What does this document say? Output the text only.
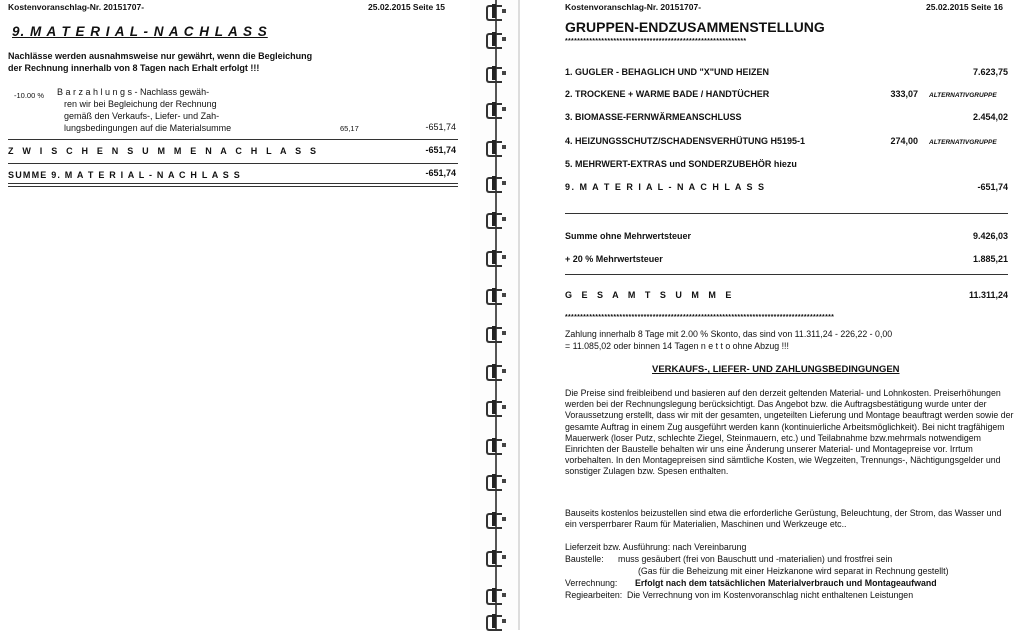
Kostenvoranschlag-Nr. 20151707-	25.02.2015 Seite 15
9. M A T E R I A L - N A C H L A S S
Nachlässe werden ausnahmsweise nur gewährt, wenn die Begleichung
der Rechnung innerhalb von 8 Tagen nach Erhalt erfolgt !!!
-10.00 % B a r z a h l u n g s - Nachlass gewäh-
ren wir bei Begleichung der Rechnung
gemäß den Verkaufs-, Liefer- und Zah-
lungsbedingungen auf die Materialsumme	65,17	-651,74
Z W I S C H E N S U M M E N A C H L A S S	-651,74
SUMME 9. M A T E R I A L - N A C H L A S S	-651,74
Kostenvoranschlag-Nr. 20151707-	25.02.2015 Seite 16
GRUPPEN-ENDZUSAMMENSTELLUNG
************************************************************
1. GUGLER - BEHAGLICH UND "X"UND HEIZEN	7.623,75
2. TROCKENE + WARME BADE / HANDTÜCHER	333,07 ALTERNATIVGRUPPE
3. BIOMASSE-FERNWÄRMEANSCHLUSS	2.454,02
4. HEIZUNGSSCHUTZ/SCHADENSVERHÜTUNG H5195-1	274,00 ALTERNATIVGRUPPE
5. MEHRWERT-EXTRAS und SONDERZUBEHÖR hiezu
9. M A T E R I A L - N A C H L A S S	-651,74
Summe ohne Mehrwertsteuer	9.426,03
+ 20 % Mehrwertsteuer	1.885,21
G E S A M T S U M M E	11.311,24
*****************************************************************************************
Zahlung innerhalb 8 Tage mit 2.00 % Skonto, das sind von 11.311,24 - 226,22 - 0,00
= 11.085,02 oder binnen 14 Tagen n e t t o ohne Abzug !!!
VERKAUFS-, LIEFER- UND ZAHLUNGSBEDINGUNGEN
Die Preise sind freibleibend und basieren auf den derzeit geltenden Material- und Lohnkosten. Preiserhöhungen werden bei der Rechnungslegung berücksichtigt. Das Angebot bzw. die Auftragsbestätigung wurde unter der Voraussetzung erstellt, dass wir mit der gesamten, ungeteilten Lieferung und Montage beauftragt werden sowie der gesamte Auftrag in einem Zug ausgeführt werden kann (kontinuierliche Arbeitsmöglichkeit). Bei nicht tragfähigem Mauerwerk (loser Putz, schlechte Ziegel, Steinmauern, etc.) und Teilabnahme bzw.mehrmals notwendigem Einrichten der Baustelle behalten wir uns eine Änderung unserer Material- und Montagepreise vor. Irrtum vorbehalten. In den Montagepreisen sind sämtliche Kosten, wie Wegzeiten, Trennungs-, Nächtigungsgelder und sonstiger Zulagen bzw. Spesen enthalten.
Bauseits kostenlos beizustellen sind etwa die erforderliche Gerüstung, Beleuchtung, der Strom, das Wasser und ein versperrbarer Raum für Materialien, Maschinen und Werkzeuge etc..
Lieferzeit bzw. Ausführung: nach Vereinbarung
Baustelle: muss gesäubert (frei von Bauschutt und -materialien) und frostfrei sein
(Gas für die Beheizung mit einer Heizkanone wird separat in Rechnung gestellt)
Verrechnung: Erfolgt nach dem tatsächlichen Materialverbrauch und Montageaufwand
Regiearbeiten: Die Verrechnung von im Kostenvoranschlag nicht enthaltenen Leistungen
